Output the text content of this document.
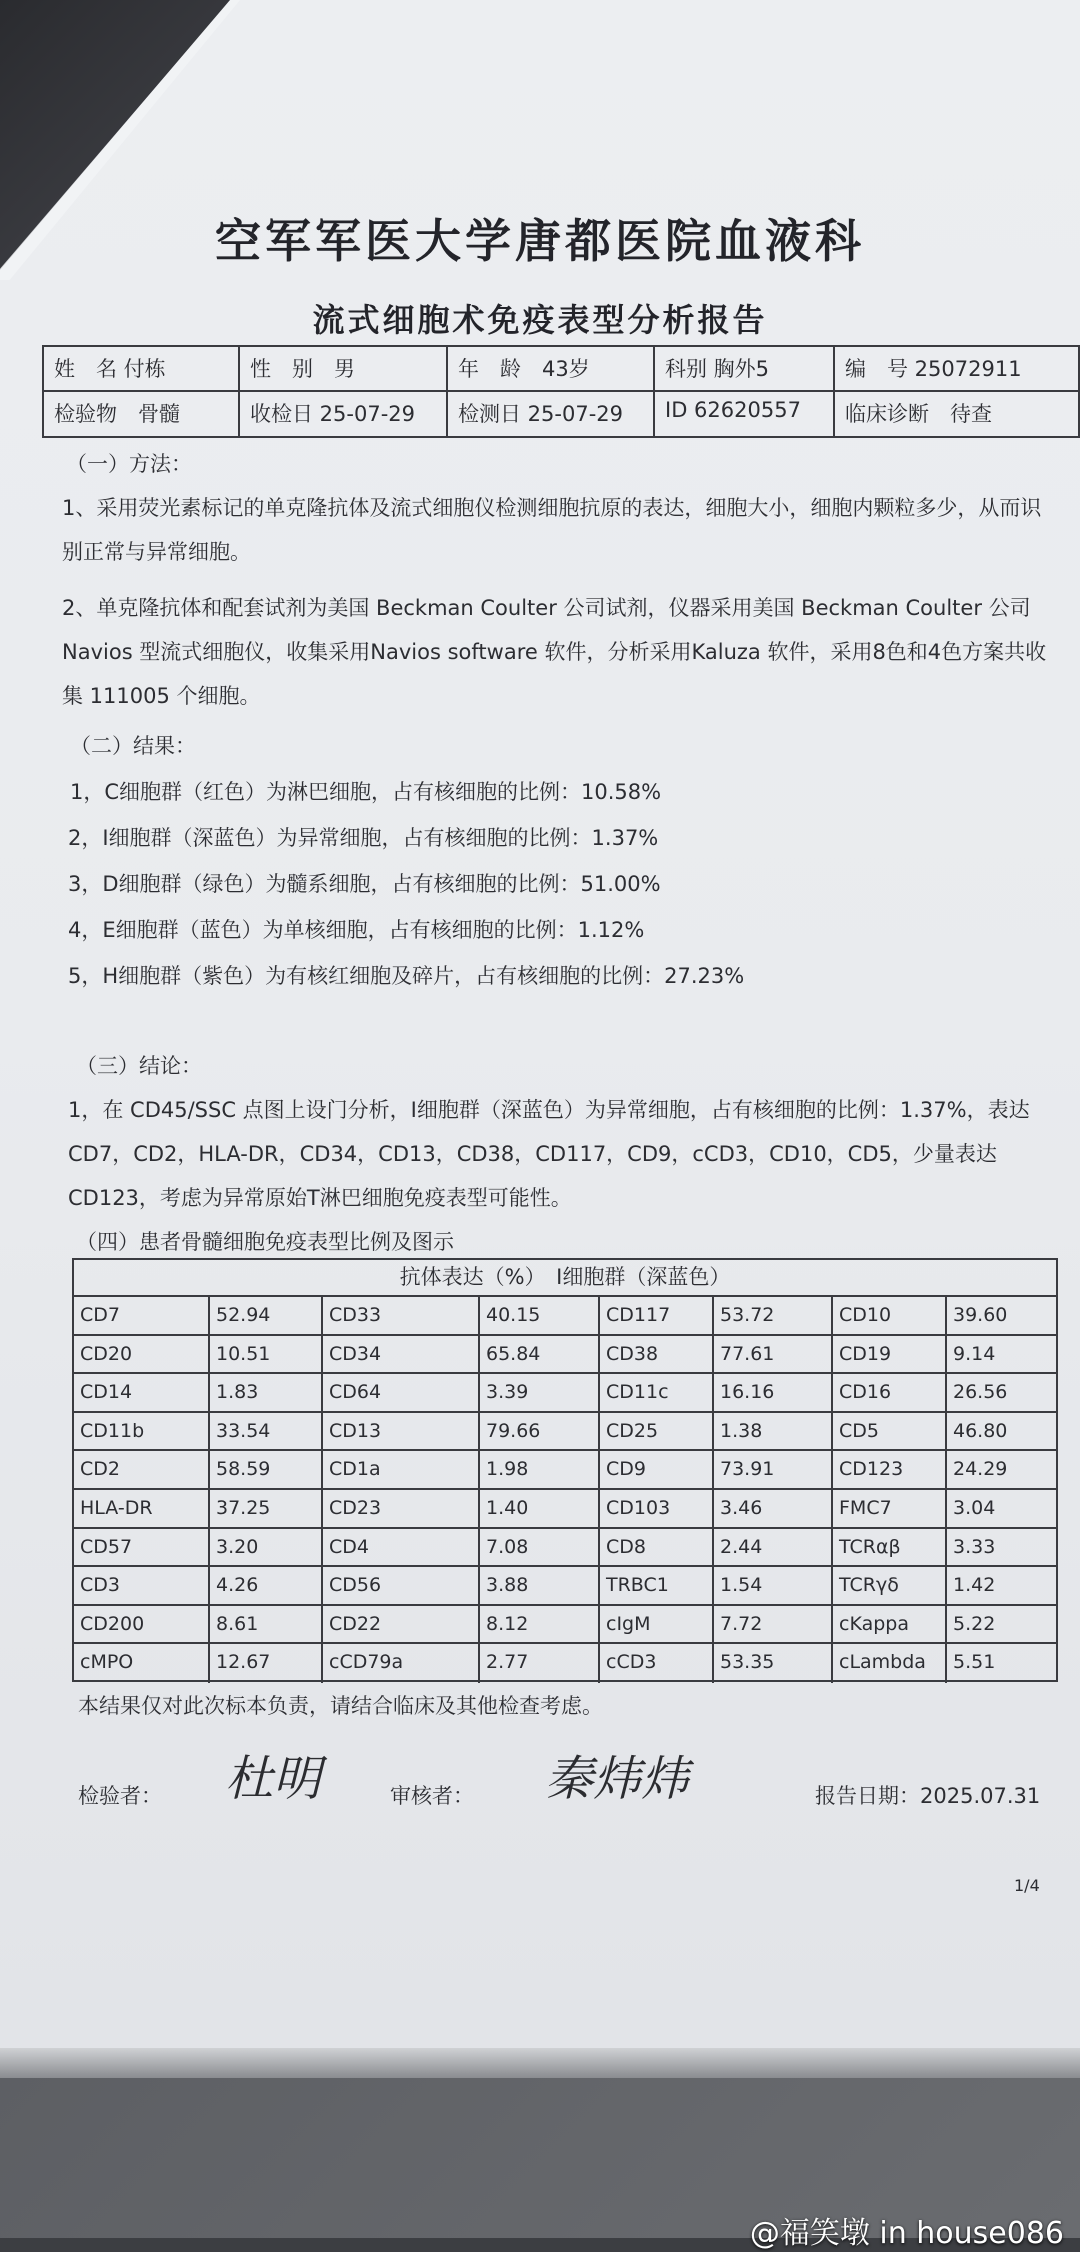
空军军医大学唐都医院血液科
流式细胞术免疫表型分析报告
姓　名 付栋	性　别　男	年　龄　43岁	科别 胸外5	编　号 25072911
检验物　骨髓	收检日 25-07-29	检测日 25-07-29	ID 62620557	临床诊断　待查
（一）方法：
1、采用荧光素标记的单克隆抗体及流式细胞仪检测细胞抗原的表达，细胞大小，细胞内颗粒多少，从而识别正常与异常细胞。
2、单克隆抗体和配套试剂为美国 Beckman Coulter 公司试剂，仪器采用美国 Beckman Coulter 公司Navios 型流式细胞仪，收集采用Navios software 软件，分析采用Kaluza 软件，采用8色和4色方案共收集 111005 个细胞。
（二）结果：
1，C细胞群（红色）为淋巴细胞，占有核细胞的比例：10.58%
2，I细胞群（深蓝色）为异常细胞，占有核细胞的比例：1.37%
3，D细胞群（绿色）为髓系细胞，占有核细胞的比例：51.00%
4，E细胞群（蓝色）为单核细胞，占有核细胞的比例：1.12%
5，H细胞群（紫色）为有核红细胞及碎片，占有核细胞的比例：27.23%
（三）结论：
1，在 CD45/SSC 点图上设门分析，I细胞群（深蓝色）为异常细胞，占有核细胞的比例：1.37%，表达 CD7，CD2，HLA-DR，CD34，CD13，CD38，CD117，CD9，cCD3，CD10，CD5，少量表达 CD123，考虑为异常原始T淋巴细胞免疫表型可能性。
（四）患者骨髓细胞免疫表型比例及图示
抗体表达（%）　I细胞群（深蓝色）
CD7	52.94	CD33	40.15	CD117	53.72	CD10	39.60
CD20	10.51	CD34	65.84	CD38	77.61	CD19	9.14
CD14	1.83	CD64	3.39	CD11c	16.16	CD16	26.56
CD11b	33.54	CD13	79.66	CD25	1.38	CD5	46.80
CD2	58.59	CD1a	1.98	CD9	73.91	CD123	24.29
HLA-DR	37.25	CD23	1.40	CD103	3.46	FMC7	3.04
CD57	3.20	CD4	7.08	CD8	2.44	TCRαβ	3.33
CD3	4.26	CD56	3.88	TRBC1	1.54	TCRγδ	1.42
CD200	8.61	CD22	8.12	cIgM	7.72	cKappa	5.22
cMPO	12.67	cCD79a	2.77	cCD3	53.35	cLambda	5.51
本结果仅对此次标本负责，请结合临床及其他检查考虑。
检验者： 杜明	审核者： 秦炜炜	报告日期：2025.07.31
1/4
@福笑墩 in house086
